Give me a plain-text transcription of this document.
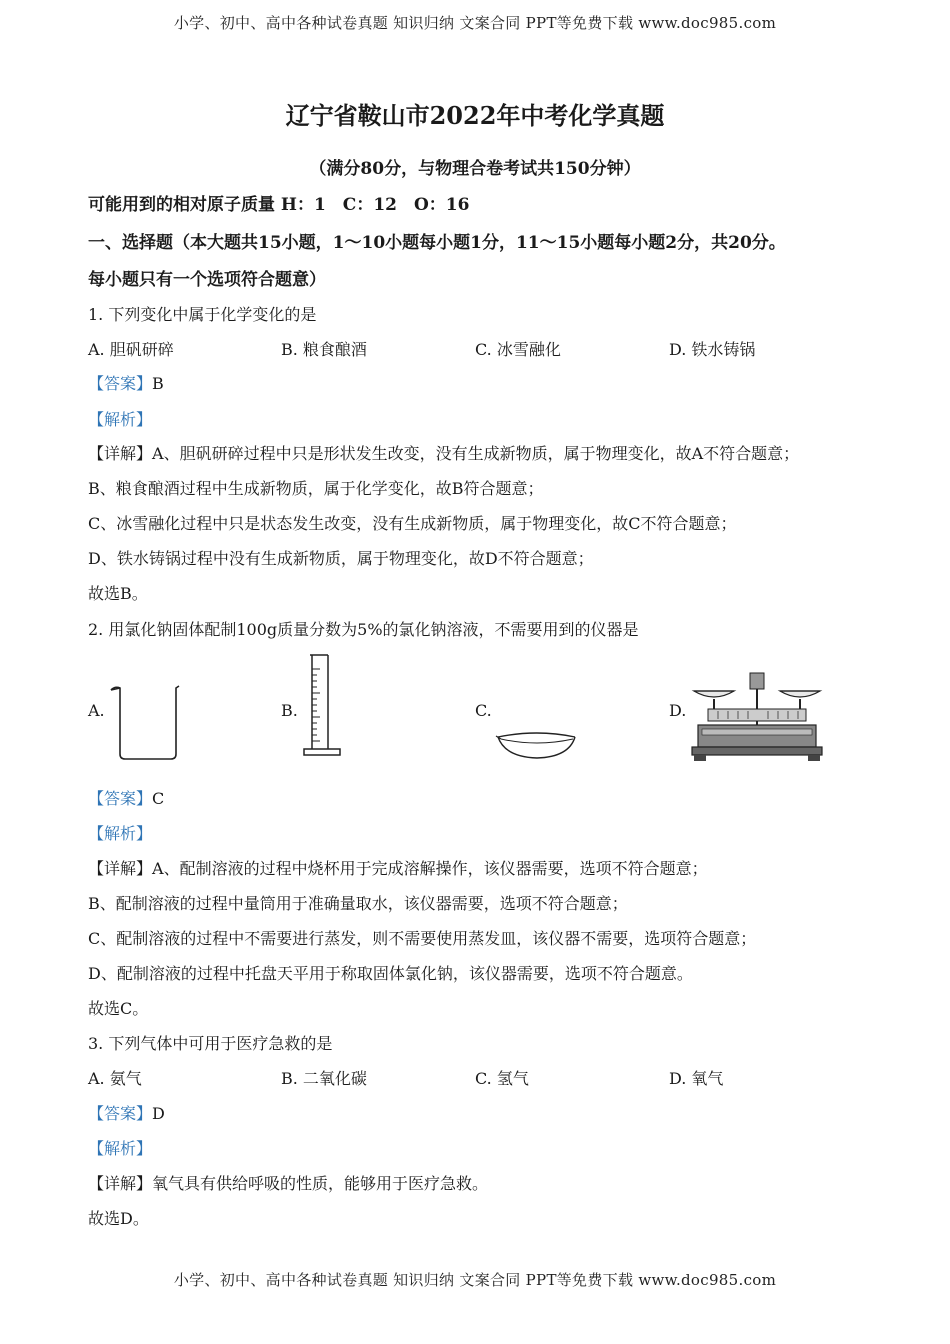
小学、初中、高中各种试卷真题 知识归纳 文案合同 PPT等免费下载 www.doc985.com
辽宁省鞍山市2022年中考化学真题
（满分80分，与物理合卷考试共150分钟）
可能用到的相对原子质量 H：1　C：12　O：16
一、选择题（本大题共15小题，1～10小题每小题1分，11～15小题每小题2分，共20分。
每小题只有一个选项符合题意）
1. 下列变化中属于化学变化的是
A. 胆矾研碎	B. 粮食酿酒	C. 冰雪融化	D. 铁水铸锅
【答案】B
【解析】
【详解】A、胆矾研碎过程中只是形状发生改变，没有生成新物质，属于物理变化，故A不符合题意；
B、粮食酿酒过程中生成新物质，属于化学变化，故B符合题意；
C、冰雪融化过程中只是状态发生改变，没有生成新物质，属于物理变化，故C不符合题意；
D、铁水铸锅过程中没有生成新物质，属于物理变化，故D不符合题意；
故选B。
2. 用氯化钠固体配制100g质量分数为5%的氯化钠溶液，不需要用到的仪器是
A.	B.	C.	D.
【答案】C
【解析】
【详解】A、配制溶液的过程中烧杯用于完成溶解操作，该仪器需要，选项不符合题意；
B、配制溶液的过程中量筒用于准确量取水，该仪器需要，选项不符合题意；
C、配制溶液的过程中不需要进行蒸发，则不需要使用蒸发皿，该仪器不需要，选项符合题意；
D、配制溶液的过程中托盘天平用于称取固体氯化钠，该仪器需要，选项不符合题意。
故选C。
3. 下列气体中可用于医疗急救的是
A. 氨气	B. 二氧化碳	C. 氢气	D. 氧气
【答案】D
【解析】
【详解】氧气具有供给呼吸的性质，能够用于医疗急救。
故选D。
小学、初中、高中各种试卷真题 知识归纳 文案合同 PPT等免费下载 www.doc985.com
